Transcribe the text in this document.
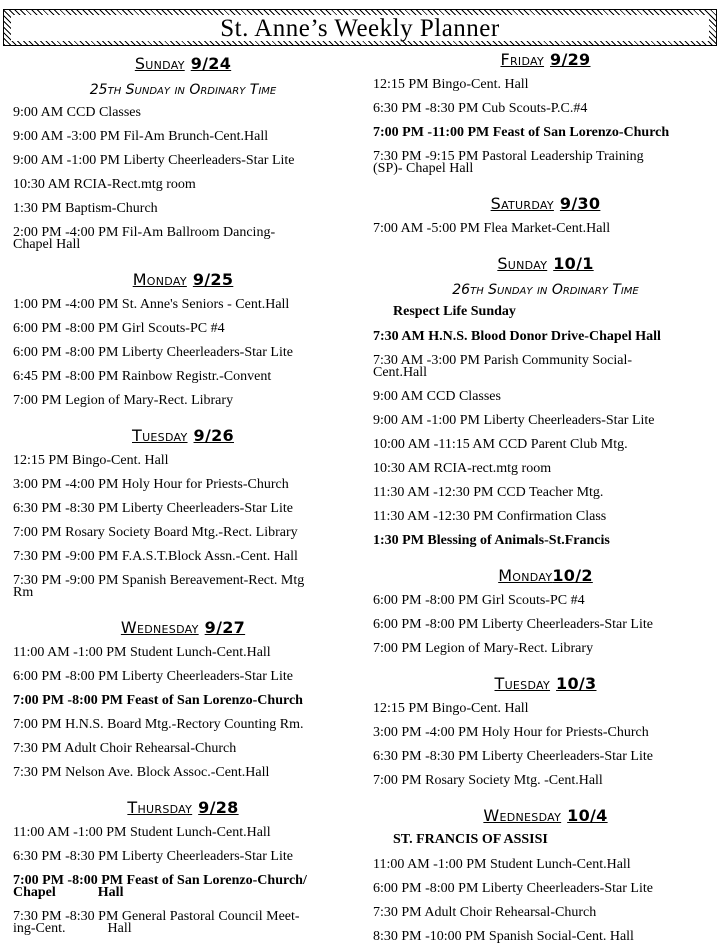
St. Anne’s Weekly Planner
Sunday 9/24
25th Sunday in Ordinary Time
9:00 AM CCD Classes
9:00 AM -3:00 PM Fil-Am Brunch-Cent.Hall
9:00 AM -1:00 PM Liberty Cheerleaders-Star Lite
10:30 AM RCIA-Rect.mtg room
1:30 PM Baptism-Church
2:00 PM -4:00 PM Fil-Am Ballroom Dancing-
Chapel Hall
Monday 9/25
1:00 PM -4:00 PM St. Anne's Seniors - Cent.Hall
6:00 PM -8:00 PM Girl Scouts-PC #4
6:00 PM -8:00 PM Liberty Cheerleaders-Star Lite
6:45 PM -8:00 PM Rainbow Registr.-Convent
7:00 PM Legion of Mary-Rect. Library
Tuesday 9/26
12:15 PM Bingo-Cent. Hall
3:00 PM -4:00 PM Holy Hour for Priests-Church
6:30 PM -8:30 PM Liberty Cheerleaders-Star Lite
7:00 PM Rosary Society Board Mtg.-Rect. Library
7:30 PM -9:00 PM F.A.S.T.Block Assn.-Cent. Hall
7:30 PM -9:00 PM Spanish Bereavement-Rect. Mtg
Rm
Wednesday 9/27
11:00 AM -1:00 PM Student Lunch-Cent.Hall
6:00 PM -8:00 PM Liberty Cheerleaders-Star Lite
7:00 PM -8:00 PM Feast of San Lorenzo-Church
7:00 PM H.N.S. Board Mtg.-Rectory Counting Rm.
7:30 PM Adult Choir Rehearsal-Church
7:30 PM Nelson Ave. Block Assoc.-Cent.Hall
Thursday 9/28
11:00 AM -1:00 PM Student Lunch-Cent.Hall
6:30 PM -8:30 PM Liberty Cheerleaders-Star Lite
7:00 PM -8:00 PM Feast of San Lorenzo-Church/
Chapel            Hall
7:30 PM -8:30 PM General Pastoral Council Meet-
ing-Cent.            Hall
Friday 9/29
12:15 PM Bingo-Cent. Hall
6:30 PM -8:30 PM Cub Scouts-P.C.#4
7:00 PM -11:00 PM Feast of San Lorenzo-Church
7:30 PM -9:15 PM Pastoral Leadership Training
(SP)- Chapel Hall
Saturday 9/30
7:00 AM -5:00 PM Flea Market-Cent.Hall
Sunday 10/1
26th Sunday in Ordinary Time
Respect Life Sunday
7:30 AM H.N.S. Blood Donor Drive-Chapel Hall
7:30 AM -3:00 PM Parish Community Social-
Cent.Hall
9:00 AM CCD Classes
9:00 AM -1:00 PM Liberty Cheerleaders-Star Lite
10:00 AM -11:15 AM CCD Parent Club Mtg.
10:30 AM RCIA-rect.mtg room
11:30 AM -12:30 PM CCD Teacher Mtg.
11:30 AM -12:30 PM Confirmation Class
1:30 PM Blessing of Animals-St.Francis
Monday10/2
6:00 PM -8:00 PM Girl Scouts-PC #4
6:00 PM -8:00 PM Liberty Cheerleaders-Star Lite
7:00 PM Legion of Mary-Rect. Library
Tuesday 10/3
12:15 PM Bingo-Cent. Hall
3:00 PM -4:00 PM Holy Hour for Priests-Church
6:30 PM -8:30 PM Liberty Cheerleaders-Star Lite
7:00 PM Rosary Society Mtg. -Cent.Hall
Wednesday 10/4
ST. FRANCIS OF ASSISI
11:00 AM -1:00 PM Student Lunch-Cent.Hall
6:00 PM -8:00 PM Liberty Cheerleaders-Star Lite
7:30 PM Adult Choir Rehearsal-Church
8:30 PM -10:00 PM Spanish Social-Cent. Hall
